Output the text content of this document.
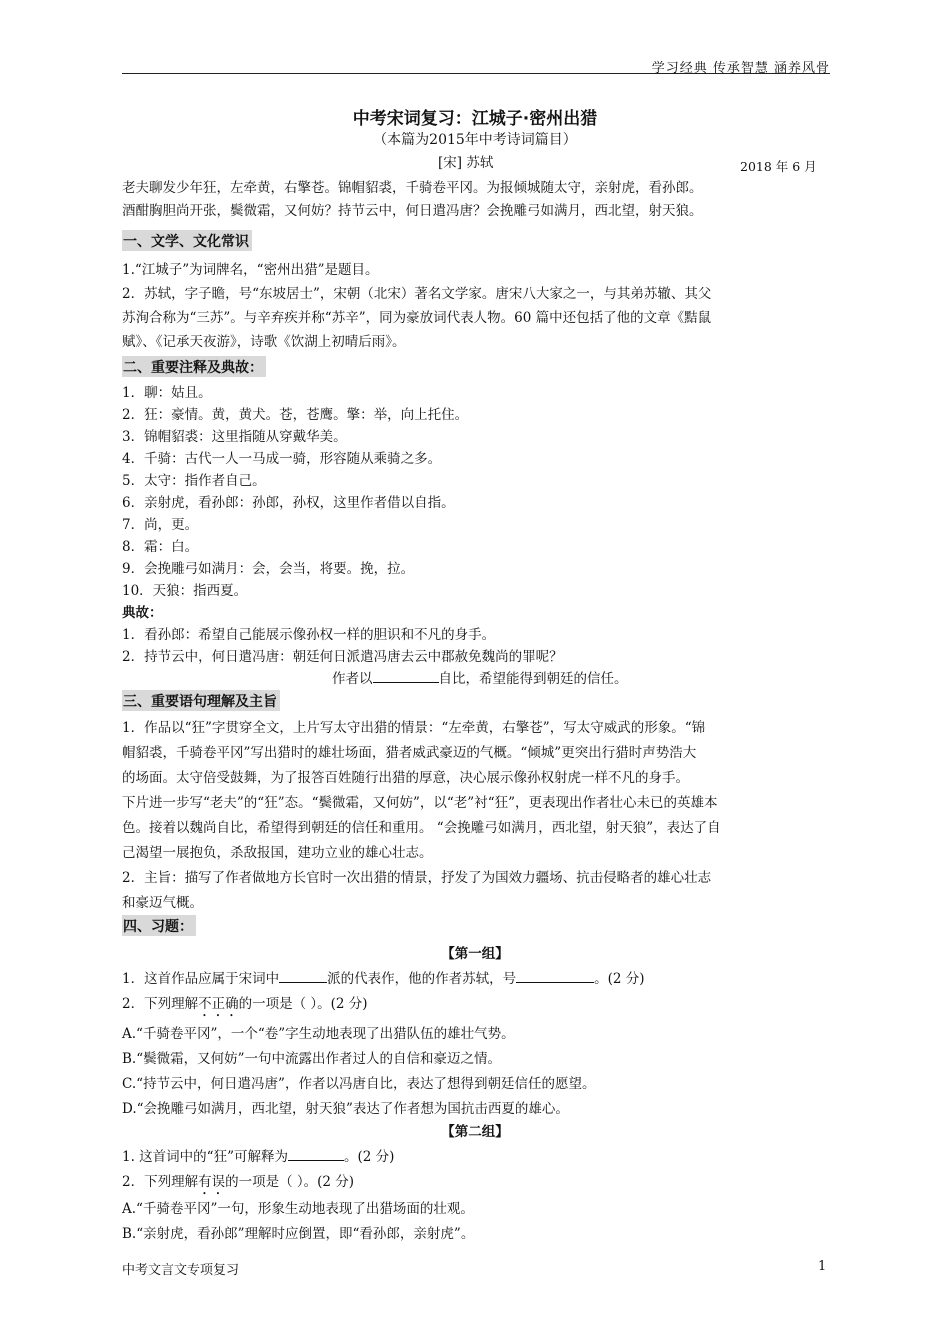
学习经典 传承智慧 涵养风骨
中考宋词复习：江城子·密州出猎
（本篇为2015年中考诗词篇目）
[宋] 苏轼	2018 年 6 月
老夫聊发少年狂，左牵黄，右擎苍。锦帽貂裘，千骑卷平冈。为报倾城随太守，亲射虎，看孙郎。
酒酣胸胆尚开张，鬓微霜，又何妨？持节云中，何日遣冯唐？会挽雕弓如满月，西北望，射天狼。
一、文学、文化常识
1.“江城子”为词牌名，“密州出猎”是题目。
2．苏轼，字子瞻，号“东坡居士”，宋朝（北宋）著名文学家。唐宋八大家之一，与其弟苏辙、其父
苏洵合称为“三苏”。与辛弃疾并称“苏辛”，同为豪放词代表人物。60 篇中还包括了他的文章《黠鼠
赋》、《记承天夜游》，诗歌《饮湖上初晴后雨》。
二、重要注释及典故：
1．聊：姑且。
2．狂：豪情。黄，黄犬。苍，苍鹰。擎：举，向上托住。
3．锦帽貂裘：这里指随从穿戴华美。
4．千骑：古代一人一马成一骑，形容随从乘骑之多。
5．太守：指作者自己。
6．亲射虎，看孙郎：孙郎，孙权，这里作者借以自指。
7．尚，更。
8．霜：白。
9．会挽雕弓如满月：会，会当，将要。挽，拉。
10．天狼：指西夏。
典故：
1．看孙郎：希望自己能展示像孙权一样的胆识和不凡的身手。
2．持节云中，何日遣冯唐：朝廷何日派遣冯唐去云中郡赦免魏尚的罪呢？
作者以	自比，希望能得到朝廷的信任。
三、重要语句理解及主旨
1．作品以“狂”字贯穿全文，上片写太守出猎的情景：“左牵黄，右擎苍”，写太守威武的形象。“锦
帽貂裘，千骑卷平冈”写出猎时的雄壮场面，猎者威武豪迈的气概。“倾城”更突出行猎时声势浩大
的场面。太守倍受鼓舞，为了报答百姓随行出猎的厚意，决心展示像孙权射虎一样不凡的身手。
下片进一步写“老夫”的“狂”态。“鬓微霜，又何妨”，以“老”衬“狂”，更表现出作者壮心未已的英雄本
色。接着以魏尚自比，希望得到朝廷的信任和重用。 “会挽雕弓如满月，西北望，射天狼”，表达了自
己渴望一展抱负，杀敌报国，建功立业的雄心壮志。
2．主旨：描写了作者做地方长官时一次出猎的情景，抒发了为国效力疆场、抗击侵略者的雄心壮志
和豪迈气概。
四、习题：
【第一组】
1．这首作品应属于宋词中	派的代表作，他的作者苏轼，号	。(2 分)
2．下列理解不正确的一项是（ ）。(2 分)
A.“千骑卷平冈”，一个“卷”字生动地表现了出猎队伍的雄壮气势。
B.“鬓微霜，又何妨”一句中流露出作者过人的自信和豪迈之情。
C.“持节云中，何日遣冯唐”，作者以冯唐自比，表达了想得到朝廷信任的愿望。
D.“会挽雕弓如满月，西北望，射天狼”表达了作者想为国抗击西夏的雄心。
【第二组】
1. 这首词中的“狂”可解释为	。(2 分)
2．下列理解有误的一项是（ ）。(2 分)
A.“千骑卷平冈”一句，形象生动地表现了出猎场面的壮观。
B.“亲射虎，看孙郎”理解时应倒置，即“看孙郎，亲射虎”。
中考文言文专项复习	1
